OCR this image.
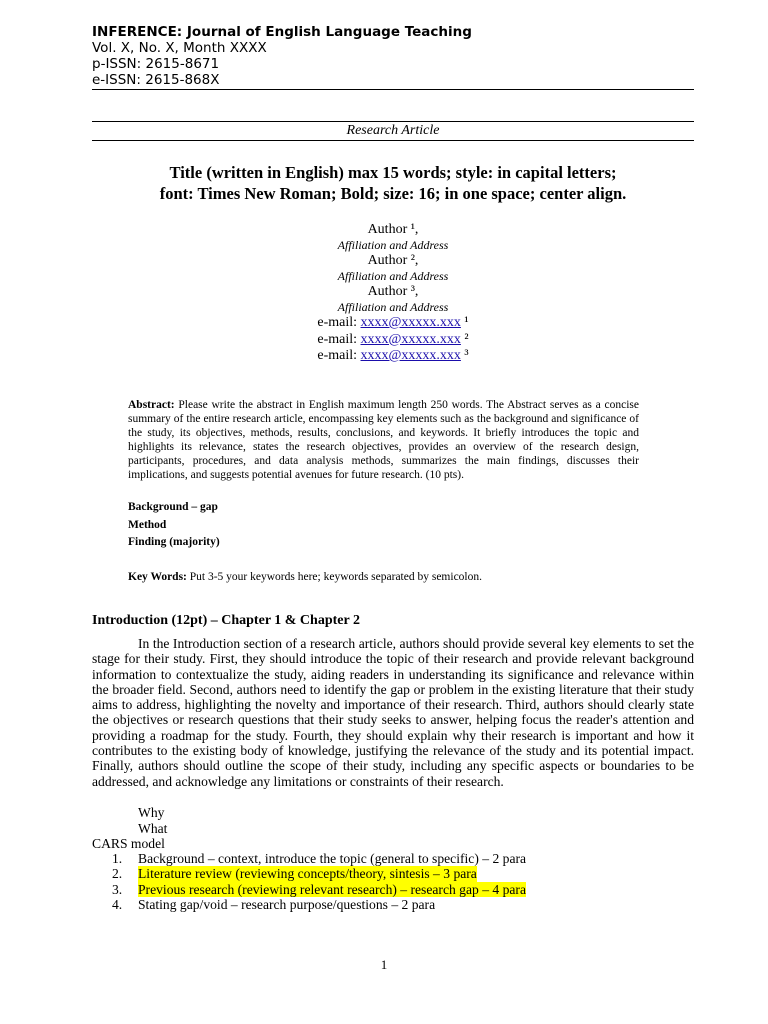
INFERENCE: Journal of English Language Teaching
Vol. X, No. X, Month XXXX
p-ISSN: 2615-8671
e-ISSN: 2615-868X
Research Article
Title (written in English) max 15 words; style: in capital letters;
font: Times New Roman; Bold; size: 16; in one space; center align.
Author ¹,
Affiliation and Address
Author ²,
Affiliation and Address
Author ³,
Affiliation and Address
e-mail: xxxx@xxxxx.xxx ¹
e-mail: xxxx@xxxxx.xxx ²
e-mail: xxxx@xxxxx.xxx ³
Abstract: Please write the abstract in English maximum length 250 words. The Abstract serves as a concise summary of the entire research article, encompassing key elements such as the background and significance of the study, its objectives, methods, results, conclusions, and keywords. It briefly introduces the topic and highlights its relevance, states the research objectives, provides an overview of the research design, participants, procedures, and data analysis methods, summarizes the main findings, discusses their implications, and suggests potential avenues for future research. (10 pts).
Background – gap
Method
Finding (majority)
Key Words: Put 3-5 your keywords here; keywords separated by semicolon.
Introduction (12pt) – Chapter 1 & Chapter 2
In the Introduction section of a research article, authors should provide several key elements to set the stage for their study. First, they should introduce the topic of their research and provide relevant background information to contextualize the study, aiding readers in understanding its significance and relevance within the broader field. Second, authors need to identify the gap or problem in the existing literature that their study aims to address, highlighting the novelty and importance of their research. Third, authors should clearly state the objectives or research questions that their study seeks to answer, helping focus the reader's attention and providing a roadmap for the study. Fourth, they should explain why their research is important and how it contributes to the existing body of knowledge, justifying the relevance of the study and its potential impact. Finally, authors should outline the scope of their study, including any specific aspects or boundaries to be addressed, and acknowledge any limitations or constraints of their research.
Why
What
CARS model
1.	Background – context, introduce the topic (general to specific) – 2 para
2.	Literature review (reviewing concepts/theory, sintesis – 3 para
3.	Previous research (reviewing relevant research) – research gap – 4 para
4.	Stating gap/void – research purpose/questions – 2 para
1
